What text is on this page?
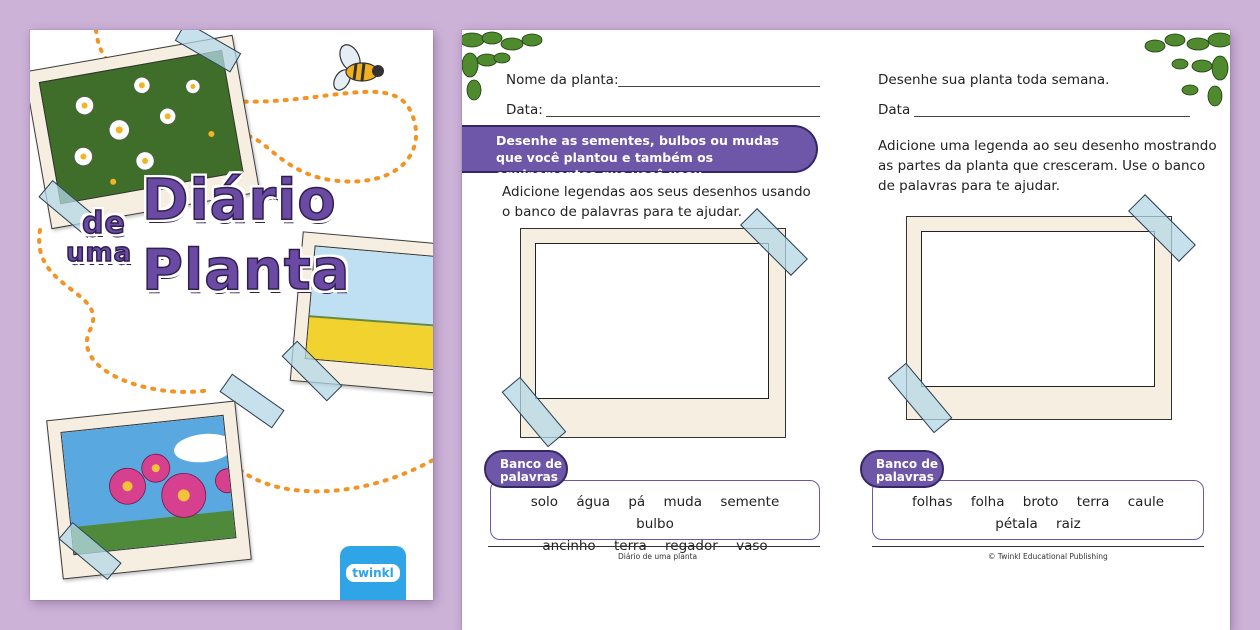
Diário
de
uma Planta
twinkl
Nome da planta:
Data:
Desenhe as sementes, bulbos ou mudas que você plantou e também os equipamentos que você usou.
Adicione legendas aos seus desenhos usando o banco de palavras para te ajudar.
Banco de
palavras
solo água pá muda semente bulbo
ancinho terra regador vaso
Diário de uma planta
Desenhe sua planta toda semana.
Data
Adicione uma legenda ao seu desenho mostrando as partes da planta que cresceram. Use o banco de palavras para te ajudar.
Banco de
palavras
folhas folha broto terra caule
pétala raiz
© Twinkl Educational Publishing
